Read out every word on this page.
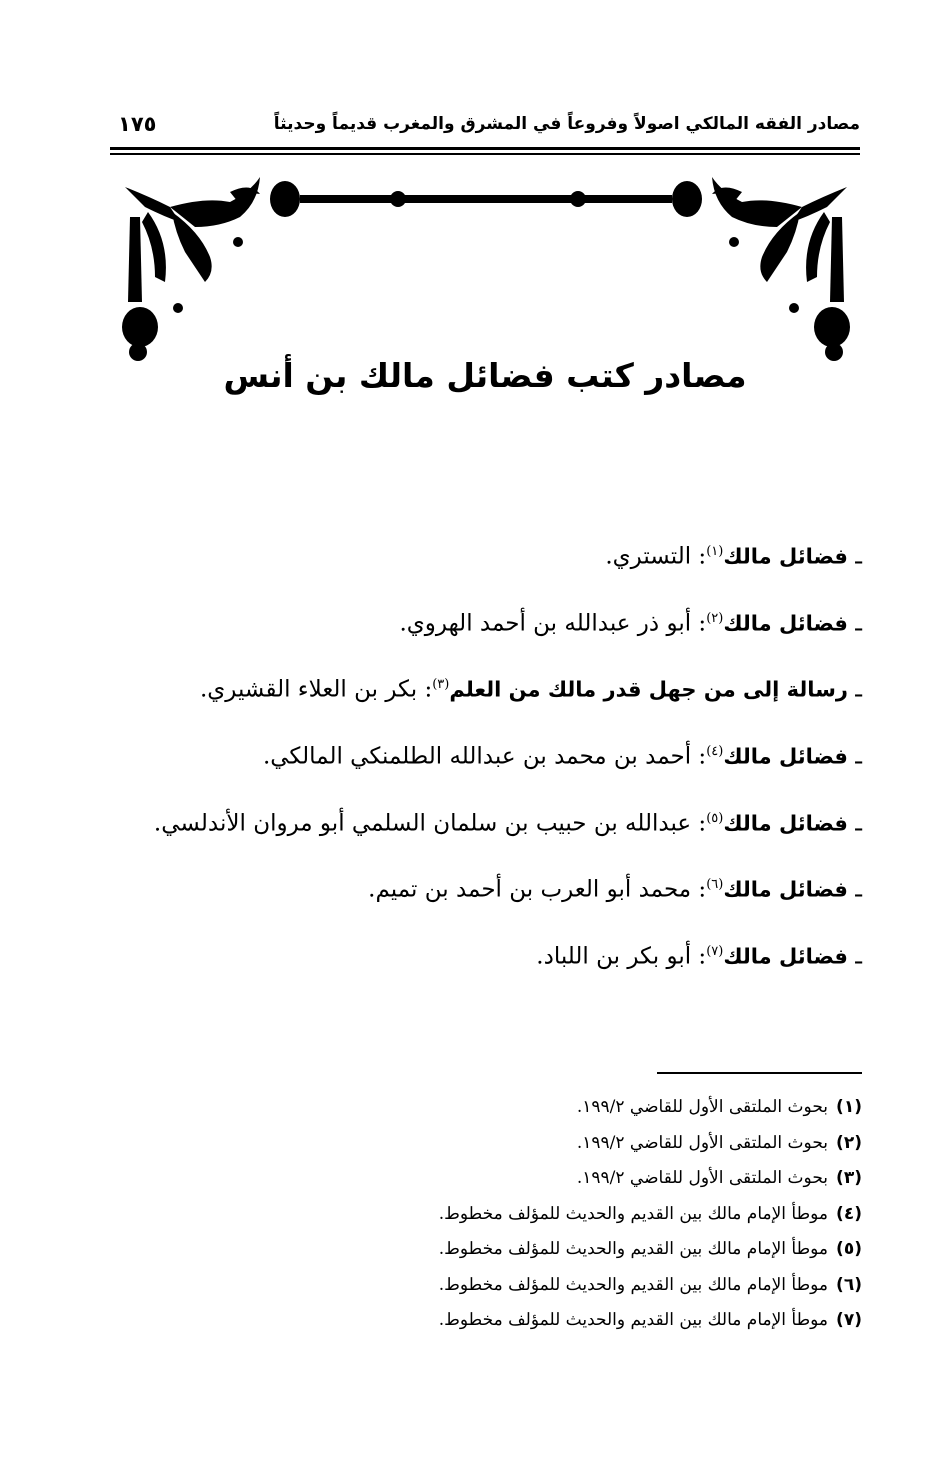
مصادر الفقه المالكي اصولاً وفروعاً في المشرق والمغرب قديماً وحديثاً
١٧٥
مصادر كتب فضائل مالك بن أنس
ـ فضائل مالك$^{(١)}$: التستري.
ـ فضائل مالك$^{(٢)}$: أبو ذر عبدالله بن أحمد الهروي.
ـ رسالة إلى من جهل قدر مالك من العلم$^{(٣)}$: بكر بن العلاء القشيري.
ـ فضائل مالك$^{(٤)}$: أحمد بن محمد بن عبدالله الطلمنكي المالكي.
ـ فضائل مالك$^{(٥)}$: عبدالله بن حبيب بن سلمان السلمي أبو مروان الأندلسي.
ـ فضائل مالك$^{(٦)}$: محمد أبو العرب بن أحمد بن تميم.
ـ فضائل مالك$^{(٧)}$: أبو بكر بن اللباد.
(١)بحوث الملتقى الأول للقاضي ١٩٩/٢.
(٢)بحوث الملتقى الأول للقاضي ١٩٩/٢.
(٣)بحوث الملتقى الأول للقاضي ١٩٩/٢.
(٤)موطأ الإمام مالك بين القديم والحديث للمؤلف مخطوط.
(٥)موطأ الإمام مالك بين القديم والحديث للمؤلف مخطوط.
(٦)موطأ الإمام مالك بين القديم والحديث للمؤلف مخطوط.
(٧)موطأ الإمام مالك بين القديم والحديث للمؤلف مخطوط.
